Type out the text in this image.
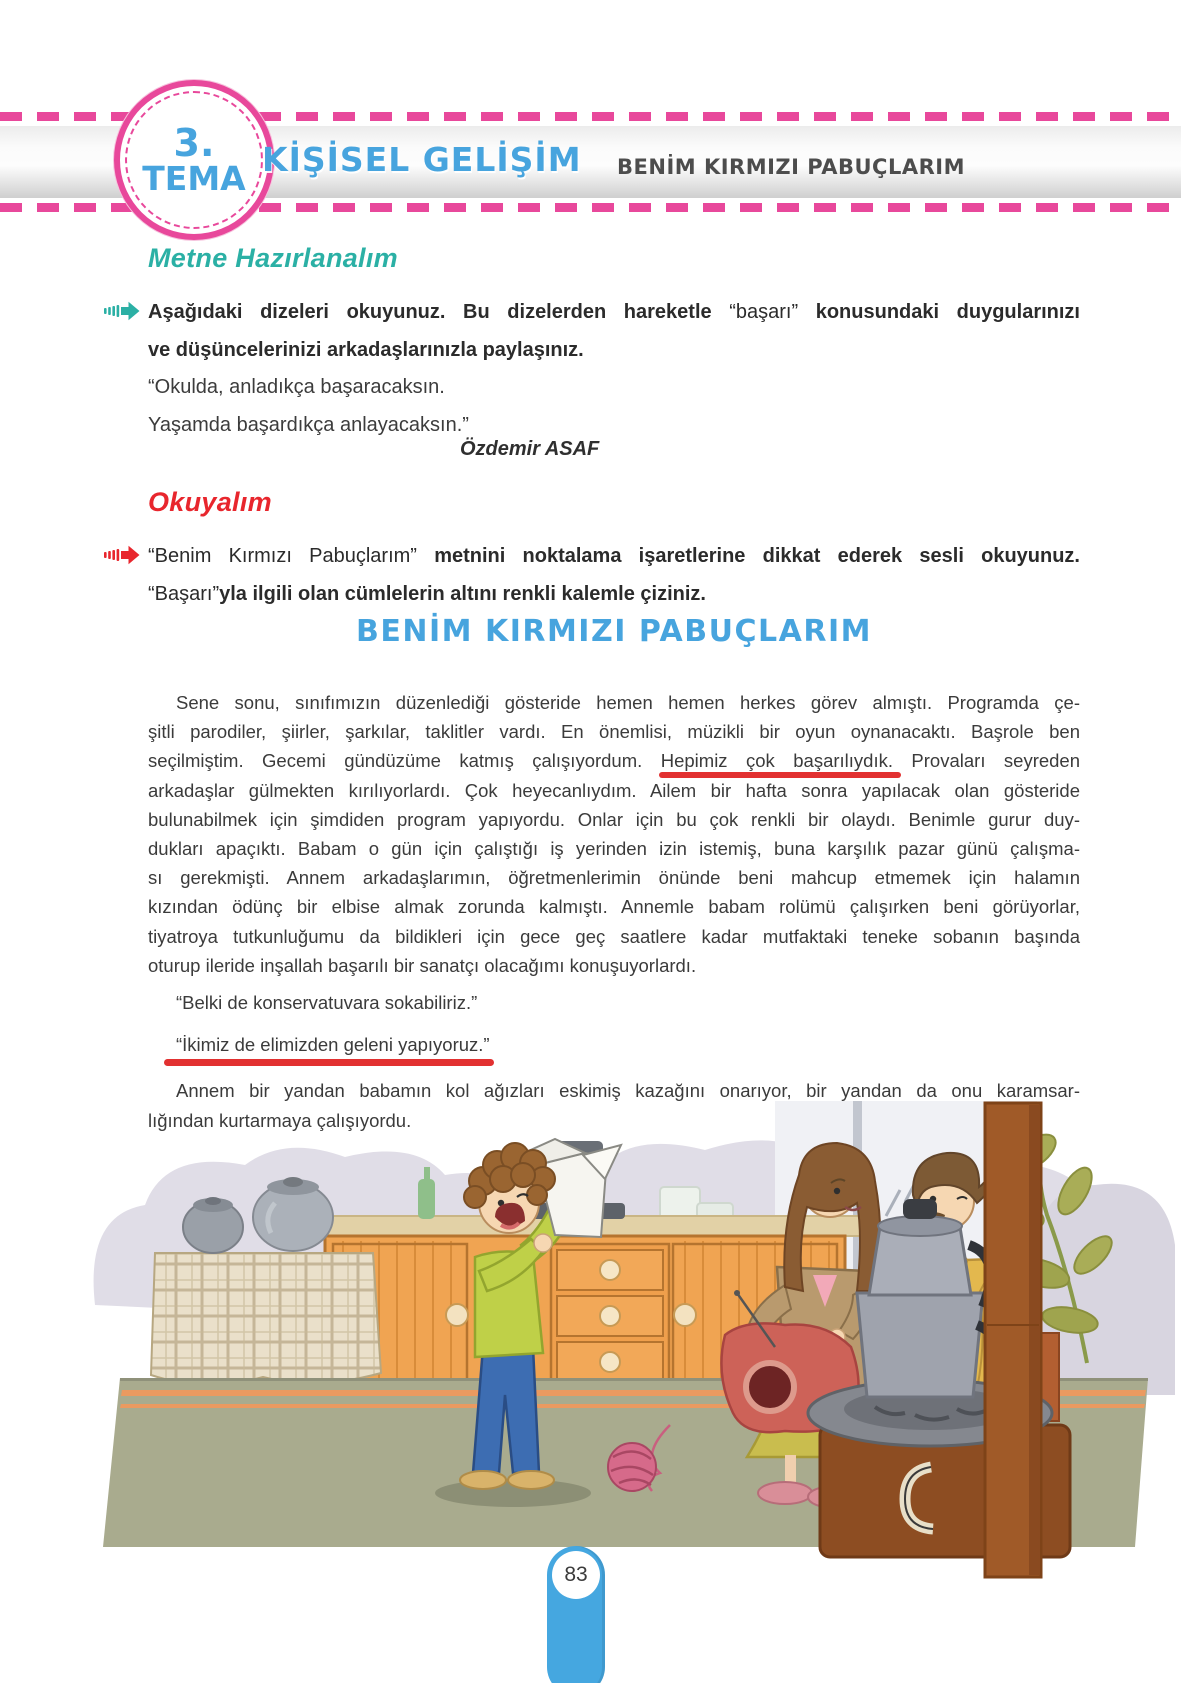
3.
TEMA KİŞİSEL GELİŞİM BENİM KIRMIZI PABUÇLARIM
Metne Hazırlanalım
Aşağıdaki dizeleri okuyunuz. Bu dizelerden hareketle “başarı” konusundaki duygularınızı
ve düşüncelerinizi arkadaşlarınızla paylaşınız.
“Okulda, anladıkça başaracaksın.
Yaşamda başardıkça anlayacaksın.”
Özdemir ASAF
Okuyalım
“Benim Kırmızı Pabuçlarım” metnini noktalama işaretlerine dikkat ederek sesli okuyunuz.
“Başarı”yla ilgili olan cümlelerin altını renkli kalemle çiziniz.
BENİM KIRMIZI PABUÇLARIM
Sene sonu, sınıfımızın düzenlediği gösteride hemen hemen herkes görev almıştı. Programda çe-
şitli parodiler, şiirler, şarkılar, taklitler vardı. En önemlisi, müzikli bir oyun oynanacaktı. Başrole ben
seçilmiştim. Gecemi gündüzüme katmış çalışıyordum. Hepimiz çok başarılıydık. Provaları seyreden
arkadaşlar gülmekten kırılıyorlardı. Çok heyecanlıydım. Ailem bir hafta sonra yapılacak olan gösteride
bulunabilmek için şimdiden program yapıyordu. Onlar için bu çok renkli bir olaydı. Benimle gurur duy-
dukları apaçıktı. Babam o gün için çalıştığı iş yerinden izin istemiş, buna karşılık pazar günü çalışma-
sı gerekmişti. Annem arkadaşlarımın, öğretmenlerimin önünde beni mahcup etmemek için halamın
kızından ödünç bir elbise almak zorunda kalmıştı. Annemle babam rolümü çalışırken beni görüyorlar,
tiyatroya tutkunluğumu da bildikleri için gece geç saatlere kadar mutfaktaki teneke sobanın başında
oturup ileride inşallah başarılı bir sanatçı olacağımı konuşuyorlardı.
“Belki de konservatuvara sokabiliriz.”
“İkimiz de elimizden geleni yapıyoruz.”
Annem bir yandan babamın kol ağızları eskimiş kazağını onarıyor, bir yandan da onu karamsar-
lığından kurtarmaya çalışıyordu.
83
